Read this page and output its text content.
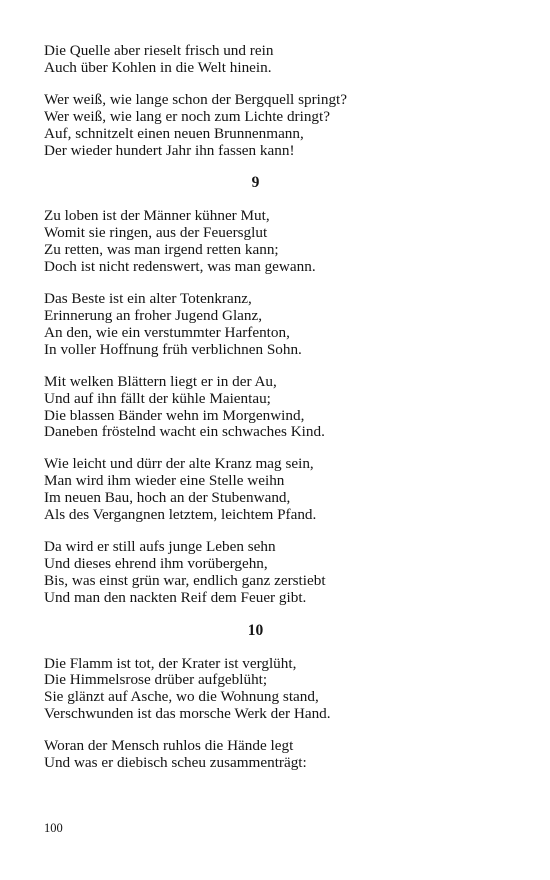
Die Quelle aber rieselt frisch und rein
Auch über Kohlen in die Welt hinein.
Wer weiß, wie lange schon der Bergquell springt?
Wer weiß, wie lang er noch zum Lichte dringt?
Auf, schnitzelt einen neuen Brunnenmann,
Der wieder hundert Jahr ihn fassen kann!
9
Zu loben ist der Männer kühner Mut,
Womit sie ringen, aus der Feuersglut
Zu retten, was man irgend retten kann;
Doch ist nicht redenswert, was man gewann.
Das Beste ist ein alter Totenkranz,
Erinnerung an froher Jugend Glanz,
An den, wie ein verstummter Harfenton,
In voller Hoffnung früh verblichnen Sohn.
Mit welken Blättern liegt er in der Au,
Und auf ihn fällt der kühle Maientau;
Die blassen Bänder wehn im Morgenwind,
Daneben fröstelnd wacht ein schwaches Kind.
Wie leicht und dürr der alte Kranz mag sein,
Man wird ihm wieder eine Stelle weihn
Im neuen Bau, hoch an der Stubenwand,
Als des Vergangnen letztem, leichtem Pfand.
Da wird er still aufs junge Leben sehn
Und dieses ehrend ihm vorübergehn,
Bis, was einst grün war, endlich ganz zerstiebt
Und man den nackten Reif dem Feuer gibt.
10
Die Flamm ist tot, der Krater ist verglüht,
Die Himmelsrose drüber aufgeblüht;
Sie glänzt auf Asche, wo die Wohnung stand,
Verschwunden ist das morsche Werk der Hand.
Woran der Mensch ruhlos die Hände legt
Und was er diebisch scheu zusammenträgt:
100
